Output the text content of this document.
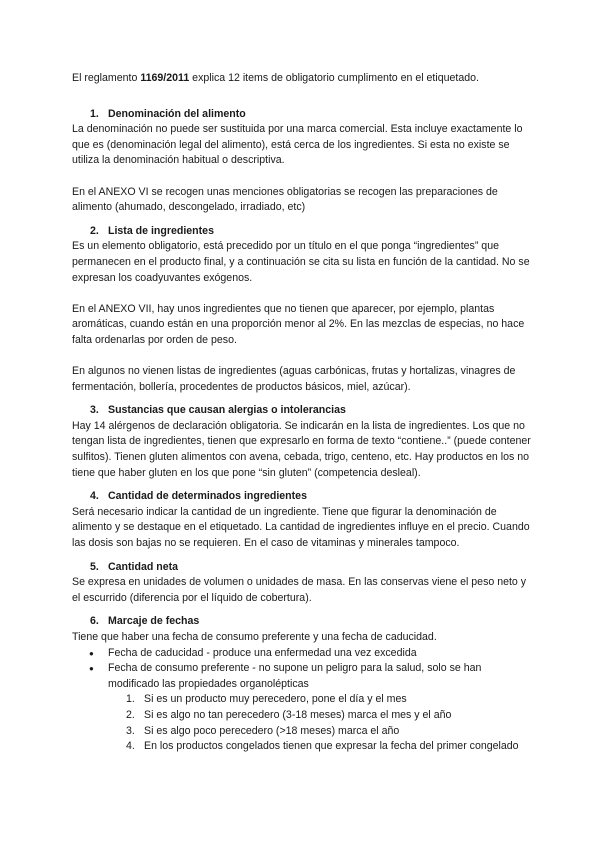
El reglamento 1169/2011 explica 12 items de obligatorio cumplimento en el etiquetado.

1. Denominación del alimento

La denominación no puede ser sustituida por una marca comercial. Esta incluye exactamente lo que es (denominación legal del alimento), está cerca de los ingredientes. Si esta no existe se utiliza la denominación habitual o descriptiva.

En el ANEXO VI se recogen unas menciones obligatorias se recogen las preparaciones de alimento (ahumado, descongelado, irradiado, etc)

2. Lista de ingredientes

Es un elemento obligatorio, está precedido por un título en el que ponga “ingredientes” que permanecen en el producto final, y a continuación se cita su lista en función de la cantidad. No se expresan los coadyuvantes exógenos.

En el ANEXO VII, hay unos ingredientes que no tienen que aparecer, por ejemplo, plantas aromáticas, cuando están en una proporción menor al 2%. En las mezclas de especias, no hace falta ordenarlas por orden de peso.

En algunos no vienen listas de ingredientes (aguas carbónicas, frutas y hortalizas, vinagres de fermentación, bollería, procedentes de productos básicos, miel, azúcar).

3. Sustancias que causan alergias o intolerancias

Hay 14 alérgenos de declaración obligatoria. Se indicarán en la lista de ingredientes. Los que no tengan lista de ingredientes, tienen que expresarlo en forma de texto “contiene..” (puede contener sulfitos). Tienen gluten alimentos con avena, cebada, trigo, centeno, etc. Hay productos en los no tiene que haber gluten en los que pone “sin gluten” (competencia desleal).

4. Cantidad de determinados ingredientes

Será necesario indicar la cantidad de un ingrediente. Tiene que figurar la denominación de alimento y se destaque en el etiquetado. La cantidad de ingredientes influye en el precio. Cuando las dosis son bajas no se requieren. En el caso de vitaminas y minerales tampoco.

5. Cantidad neta

Se expresa en unidades de volumen o unidades de masa. En las conservas viene el peso neto y el escurrido (diferencia por el líquido de cobertura).

6. Marcaje de fechas

Tiene que haber una fecha de consumo preferente y una fecha de caducidad.

● Fecha de caducidad - produce una enfermedad una vez excedida
● Fecha de consumo preferente - no supone un peligro para la salud, solo se han modificado las propiedades organolépticas
1. Si es un producto muy perecedero, pone el día y el mes
2. Si es algo no tan perecedero (3-18 meses) marca el mes y el año
3. Si es algo poco perecedero (>18 meses) marca el año
4. En los productos congelados tienen que expresar la fecha del primer congelado
